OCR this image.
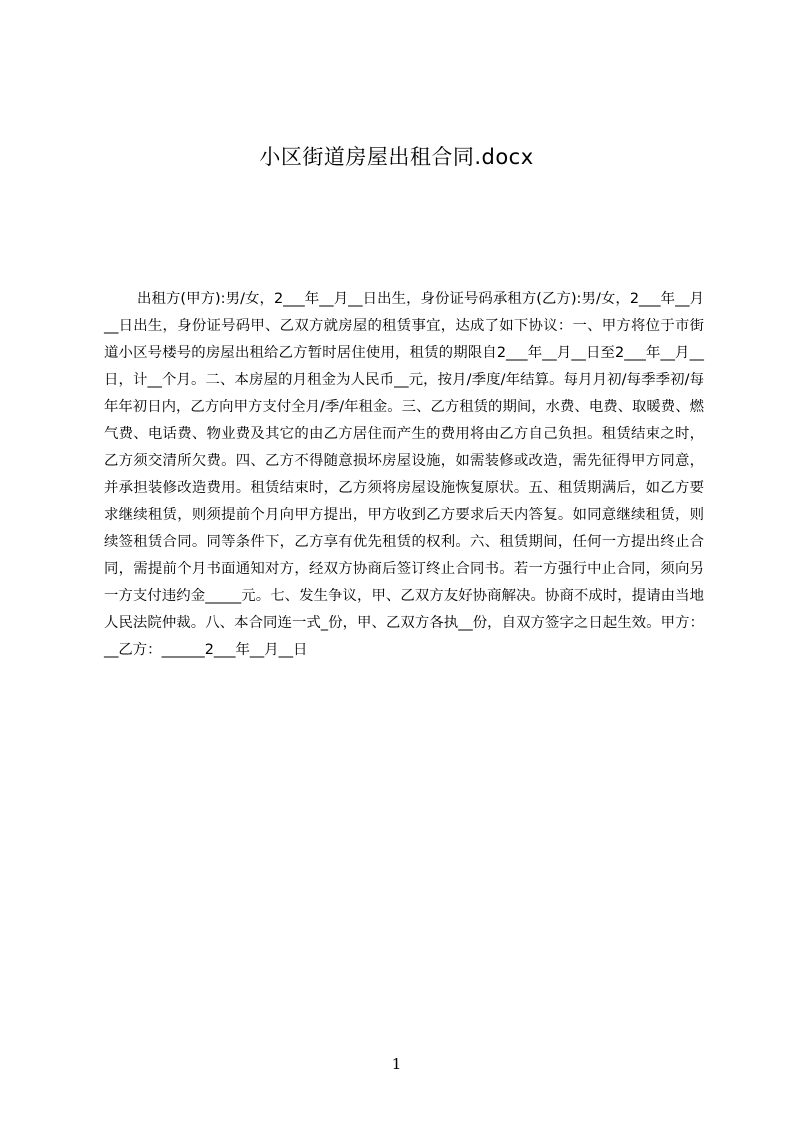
小区街道房屋出租合同.docx

出租方(甲方):男/女，2___年__月__日出生，身份证号码承租方(乙方):男/女，2___年__月__日出生，身份证号码甲、乙双方就房屋的租赁事宜，达成了如下协议：一、甲方将位于市街道小区号楼号的房屋出租给乙方暂时居住使用，租赁的期限自2___年__月__日至2___年__月__日，计__个月。二、本房屋的月租金为人民币__元，按月/季度/年结算。每月月初/每季季初/每年年初日内，乙方向甲方支付全月/季/年租金。三、乙方租赁的期间，水费、电费、取暖费、燃气费、电话费、物业费及其它的由乙方居住而产生的费用将由乙方自己负担。租赁结束之时，乙方须交清所欠费。四、乙方不得随意损坏房屋设施，如需装修或改造，需先征得甲方同意，并承担装修改造费用。租赁结束时，乙方须将房屋设施恢复原状。五、租赁期满后，如乙方要求继续租赁，则须提前个月向甲方提出，甲方收到乙方要求后天内答复。如同意继续租赁，则续签租赁合同。同等条件下，乙方享有优先租赁的权利。六、租赁期间，任何一方提出终止合同，需提前个月书面通知对方，经双方协商后签订终止合同书。若一方强行中止合同，须向另一方支付违约金_____元。七、发生争议，甲、乙双方友好协商解决。协商不成时，提请由当地人民法院仲裁。八、本合同连一式_份，甲、乙双方各执__份，自双方签字之日起生效。甲方：__乙方：______2___年__月__日

1
